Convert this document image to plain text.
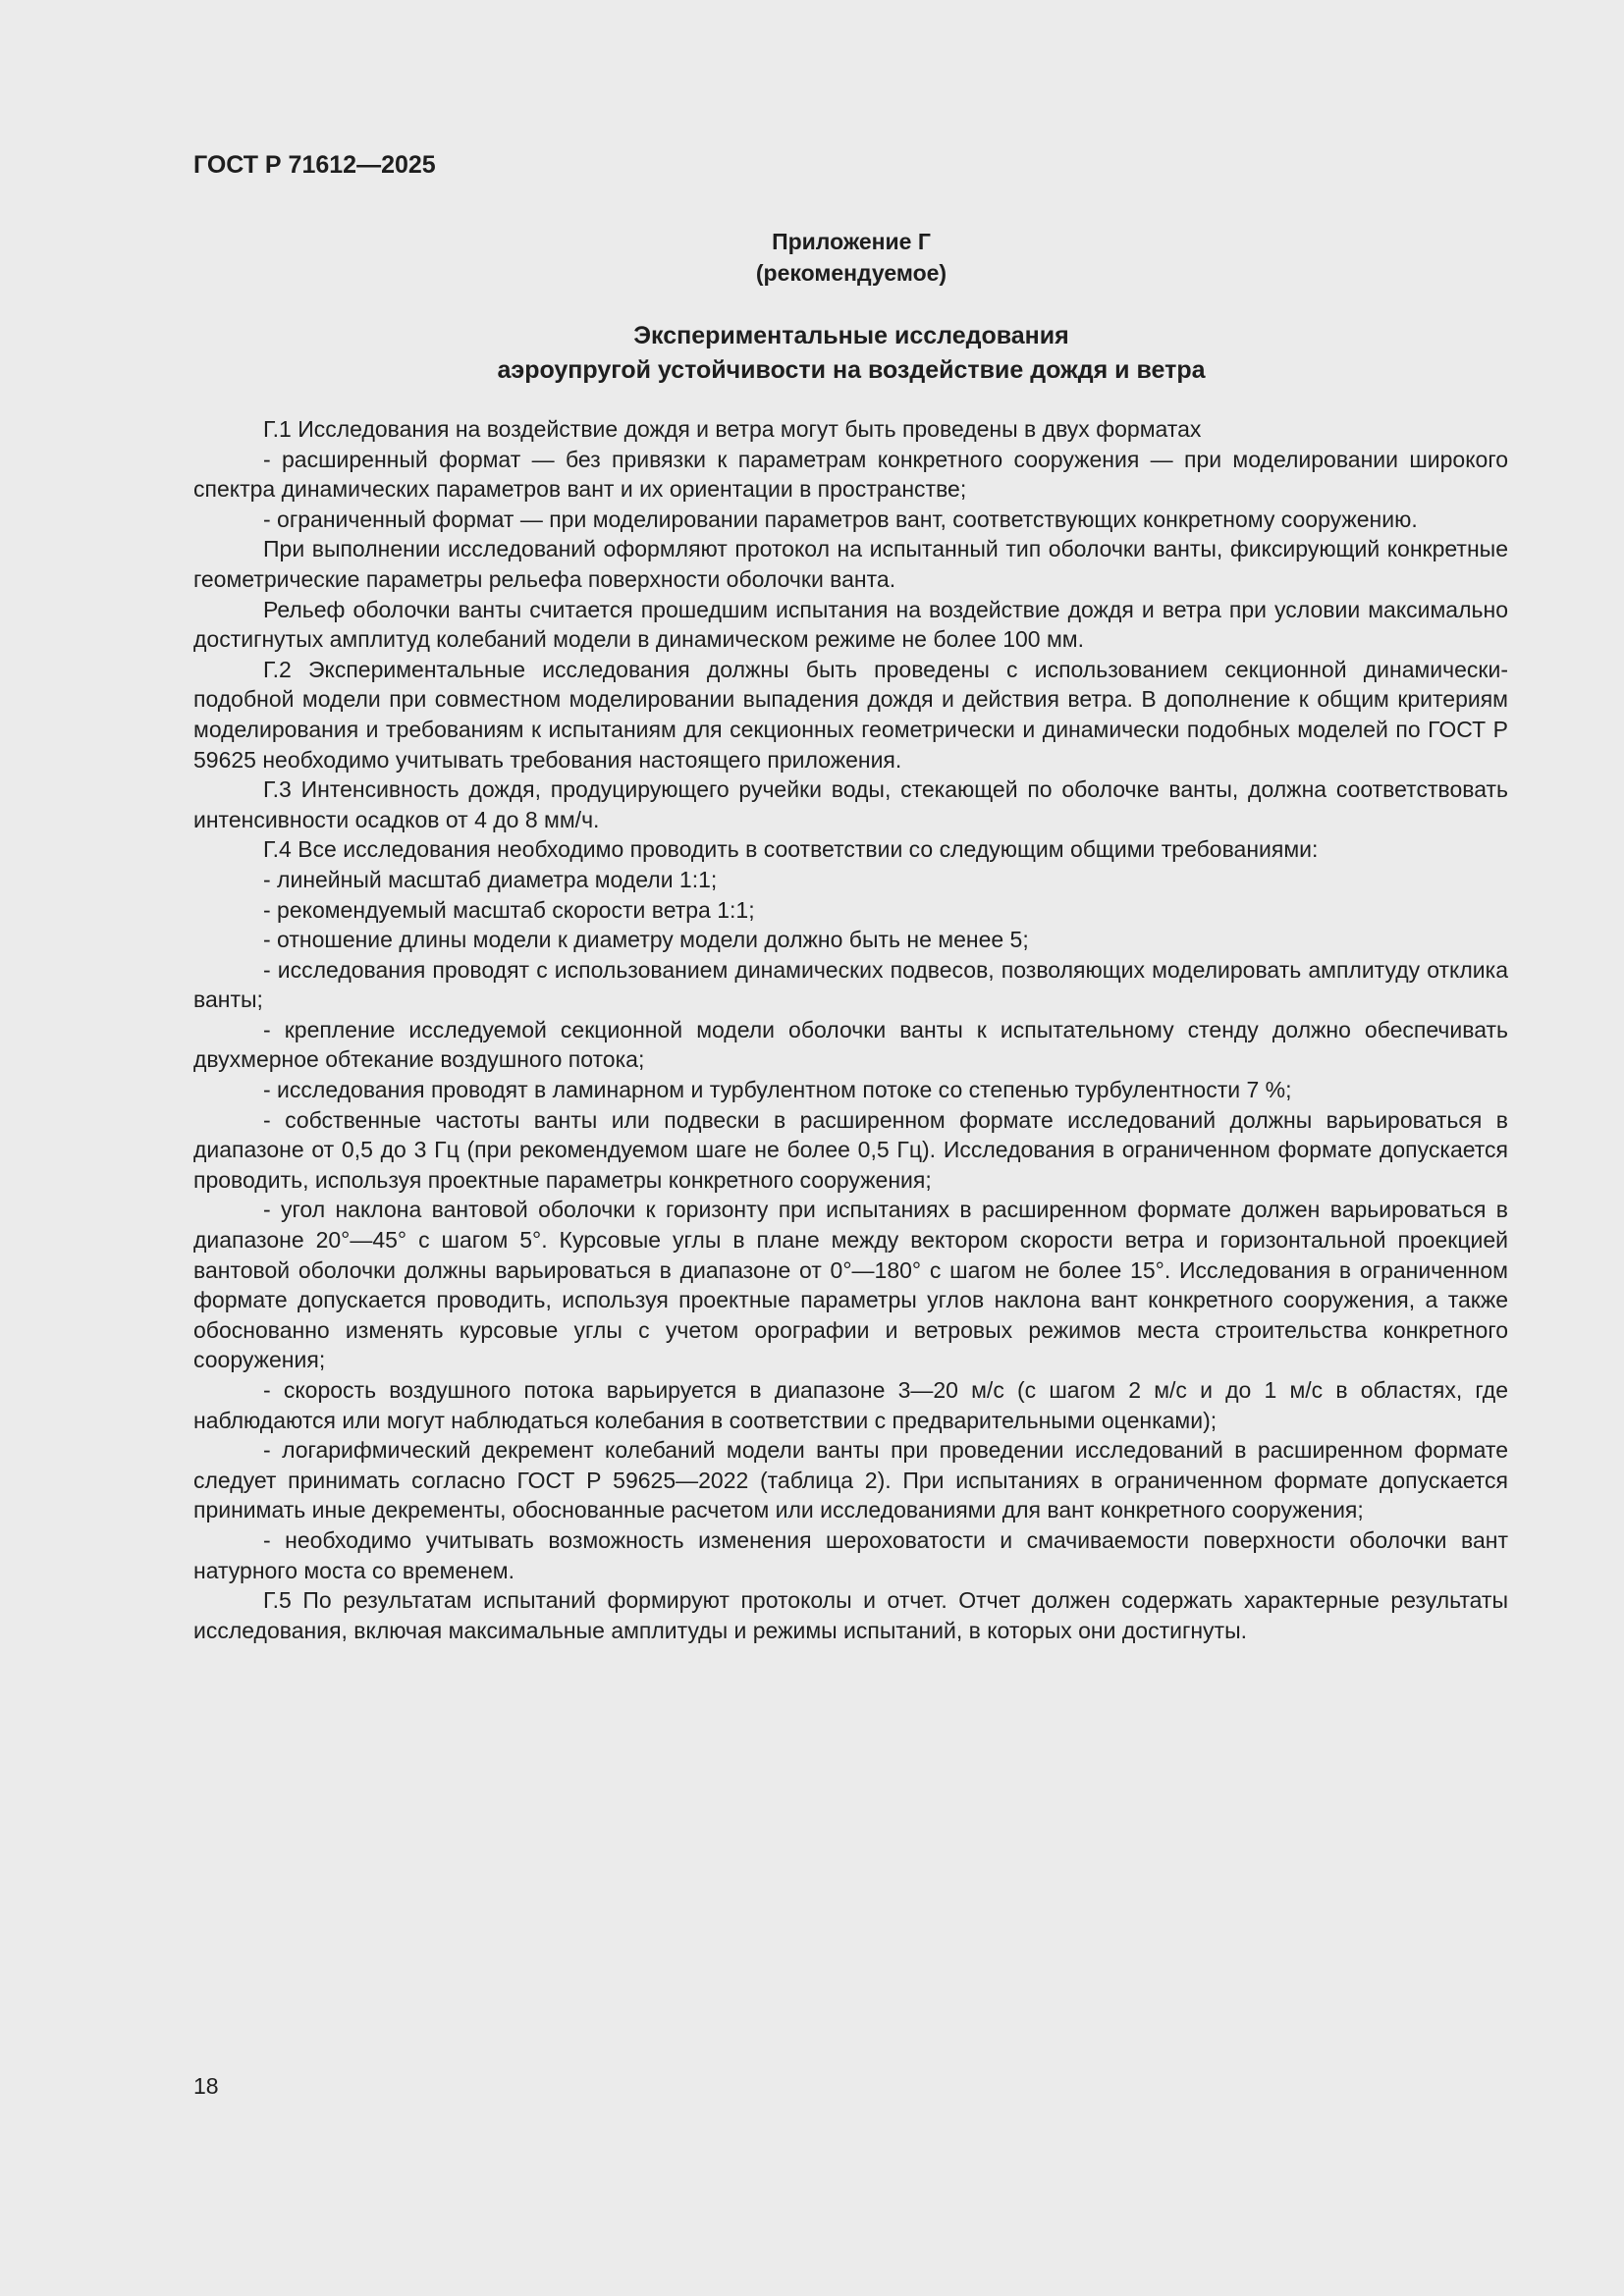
ГОСТ Р 71612—2025
Приложение Г
(рекомендуемое)
Экспериментальные исследования
аэроупругой устойчивости на воздействие дождя и ветра

Г.1 Исследования на воздействие дождя и ветра могут быть проведены в двух форматах

- расширенный формат — без привязки к параметрам конкретного сооружения — при моделировании широкого спектра динамических параметров вант и их ориентации в пространстве;

- ограниченный формат — при моделировании параметров вант, соответствующих конкретному сооружению.

При выполнении исследований оформляют протокол на испытанный тип оболочки ванты, фиксирующий конкретные геометрические параметры рельефа поверхности оболочки ванта.

Рельеф оболочки ванты считается прошедшим испытания на воздействие дождя и ветра при условии максимально достигнутых амплитуд колебаний модели в динамическом режиме не более 100 мм.

Г.2 Экспериментальные исследования должны быть проведены с использованием секционной динамически-подобной модели при совместном моделировании выпадения дождя и действия ветра. В дополнение к общим критериям моделирования и требованиям к испытаниям для секционных геометрически и динамически подобных моделей по ГОСТ Р 59625 необходимо учитывать требования настоящего приложения.

Г.3 Интенсивность дождя, продуцирующего ручейки воды, стекающей по оболочке ванты, должна соответствовать интенсивности осадков от 4 до 8 мм/ч.

Г.4 Все исследования необходимо проводить в соответствии со следующим общими требованиями:

- линейный масштаб диаметра модели 1:1;

- рекомендуемый масштаб скорости ветра 1:1;

- отношение длины модели к диаметру модели должно быть не менее 5;

- исследования проводят с использованием динамических подвесов, позволяющих моделировать амплитуду отклика ванты;

- крепление исследуемой секционной модели оболочки ванты к испытательному стенду должно обеспечивать двухмерное обтекание воздушного потока;

- исследования проводят в ламинарном и турбулентном потоке со степенью турбулентности 7 %;

- собственные частоты ванты или подвески в расширенном формате исследований должны варьироваться в диапазоне от 0,5 до 3 Гц (при рекомендуемом шаге не более 0,5 Гц). Исследования в ограниченном формате допускается проводить, используя проектные параметры конкретного сооружения;

- угол наклона вантовой оболочки к горизонту при испытаниях в расширенном формате должен варьироваться в диапазоне 20°—45° с шагом 5°. Курсовые углы в плане между вектором скорости ветра и горизонтальной проекцией вантовой оболочки должны варьироваться в диапазоне от 0°—180° с шагом не более 15°. Исследования в ограниченном формате допускается проводить, используя проектные параметры углов наклона вант конкретного сооружения, а также обоснованно изменять курсовые углы с учетом орографии и ветровых режимов места строительства конкретного сооружения;

- скорость воздушного потока варьируется в диапазоне 3—20 м/с (с шагом 2 м/с и до 1 м/с в областях, где наблюдаются или могут наблюдаться колебания в соответствии с предварительными оценками);

- логарифмический декремент колебаний модели ванты при проведении исследований в расширенном формате следует принимать согласно ГОСТ Р 59625—2022 (таблица 2). При испытаниях в ограниченном формате допускается принимать иные декременты, обоснованные расчетом или исследованиями для вант конкретного сооружения;

- необходимо учитывать возможность изменения шероховатости и смачиваемости поверхности оболочки вант натурного моста со временем.

Г.5 По результатам испытаний формируют протоколы и отчет. Отчет должен содержать характерные результаты исследования, включая максимальные амплитуды и режимы испытаний, в которых они достигнуты.

18
